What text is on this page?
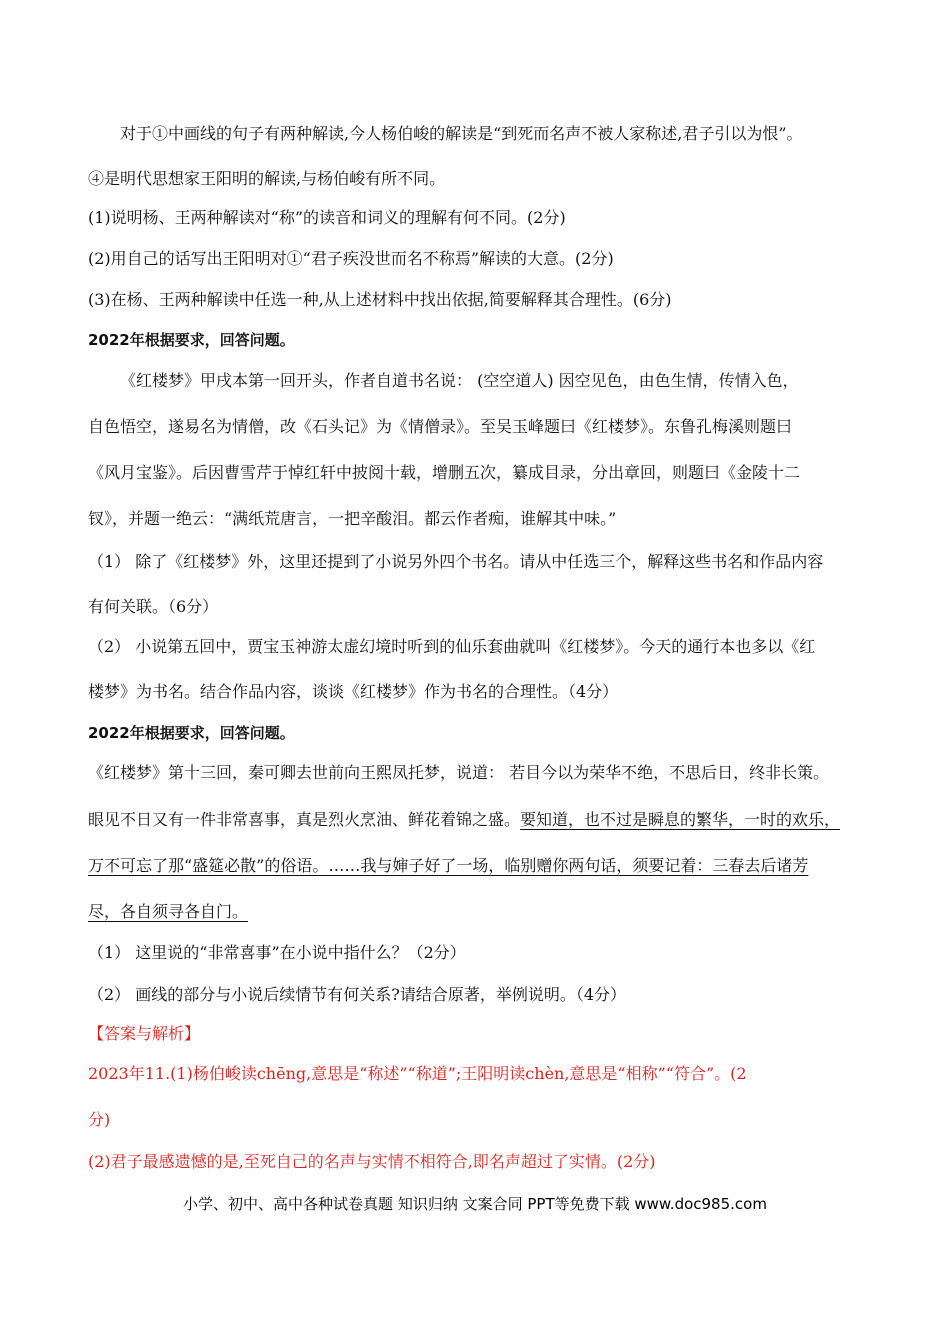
对于①中画线的句子有两种解读,今人杨伯峻的解读是“到死而名声不被人家称述,君子引以为恨”。
④是明代思想家王阳明的解读,与杨伯峻有所不同。
(1)说明杨、王两种解读对“称”的读音和词义的理解有何不同。(2分)
(2)用自己的话写出王阳明对①“君子疾没世而名不称焉”解读的大意。(2分)
(3)在杨、王两种解读中任选一种,从上述材料中找出依据,简要解释其合理性。(6分)
2022年根据要求，回答问题。
《红楼梦》甲戌本第一回开头，作者自道书名说： (空空道人) 因空见色，由色生情，传情入色，
自色悟空，遂易名为情僧，改《石头记》为《情僧录》。至吴玉峰题曰《红楼梦》。东鲁孔梅溪则题曰
《风月宝鉴》。后因曹雪芹于悼红轩中披阅十载，增删五次，纂成目录，分出章回，则题曰《金陵十二
钗》，并题一绝云：“满纸荒唐言，一把辛酸泪。都云作者痴，谁解其中味。”
（1） 除了《红楼梦》外，这里还提到了小说另外四个书名。请从中任选三个，解释这些书名和作品内容
有何关联。（6分）
（2） 小说第五回中，贾宝玉神游太虚幻境时听到的仙乐套曲就叫《红楼梦》。今天的通行本也多以《红
楼梦》为书名。结合作品内容，谈谈《红楼梦》作为书名的合理性。（4分）
2022年根据要求，回答问题。
《红楼梦》第十三回，秦可卿去世前向王熙凤托梦，说道： 若目今以为荣华不绝，不思后日，终非长策。
眼见不日又有一件非常喜事，真是烈火烹油、鲜花着锦之盛。要知道，也不过是瞬息的繁华，一时的欢乐，
万不可忘了那“盛筵必散”的俗语。……我与婶子好了一场，临别赠你两句话，须要记着：三春去后诸芳
尽，各自须寻各自门。
（1） 这里说的“非常喜事”在小说中指什么？（2分）
（2） 画线的部分与小说后续情节有何关系?请结合原著，举例说明。（4分）
【答案与解析】
2023年11.(1)杨伯峻读chēng,意思是“称述”“称道”;王阳明读chèn,意思是“相称”“符合”。(2
分)
(2)君子最感遗憾的是,至死自己的名声与实情不相符合,即名声超过了实情。(2分)
小学、初中、高中各种试卷真题 知识归纳 文案合同 PPT等免费下载 www.doc985.com
